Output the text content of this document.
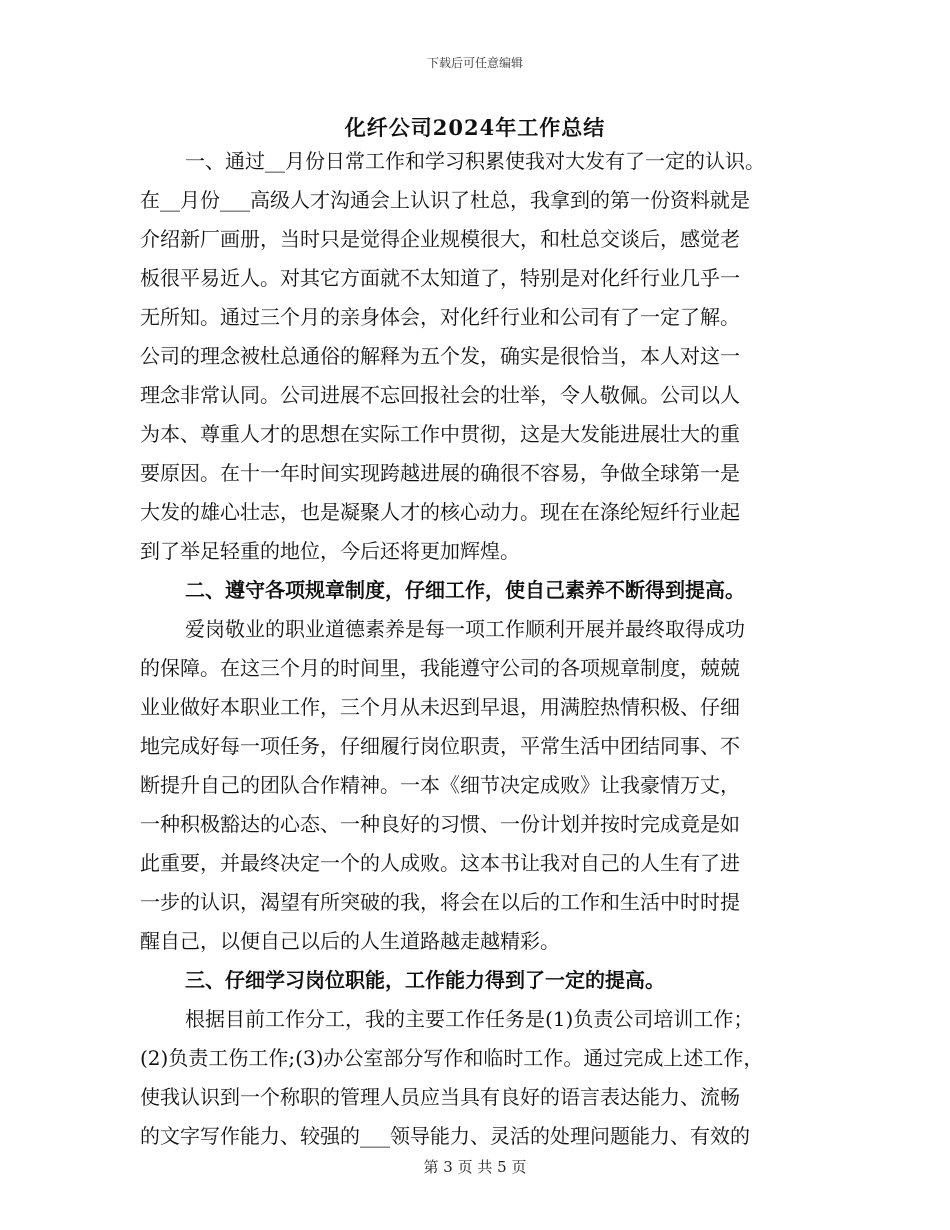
下载后可任意编辑
化纤公司2024年工作总结
一、通过__月份日常工作和学习积累使我对大发有了一定的认识。
在__月份___高级人才沟通会上认识了杜总，我拿到的第一份资料就是
介绍新厂画册，当时只是觉得企业规模很大，和杜总交谈后，感觉老
板很平易近人。对其它方面就不太知道了，特别是对化纤行业几乎一
无所知。通过三个月的亲身体会，对化纤行业和公司有了一定了解。
公司的理念被杜总通俗的解释为五个发，确实是很恰当，本人对这一
理念非常认同。公司进展不忘回报社会的壮举，令人敬佩。公司以人
为本、尊重人才的思想在实际工作中贯彻，这是大发能进展壮大的重
要原因。在十一年时间实现跨越进展的确很不容易，争做全球第一是
大发的雄心壮志，也是凝聚人才的核心动力。现在在涤纶短纤行业起
到了举足轻重的地位，今后还将更加辉煌。
二、遵守各项规章制度，仔细工作，使自己素养不断得到提高。
爱岗敬业的职业道德素养是每一项工作顺利开展并最终取得成功
的保障。在这三个月的时间里，我能遵守公司的各项规章制度，兢兢
业业做好本职业工作，三个月从未迟到早退，用满腔热情积极、仔细
地完成好每一项任务，仔细履行岗位职责，平常生活中团结同事、不
断提升自己的团队合作精神。一本《细节决定成败》让我豪情万丈，
一种积极豁达的心态、一种良好的习惯、一份计划并按时完成竟是如
此重要，并最终决定一个的人成败。这本书让我对自己的人生有了进
一步的认识，渴望有所突破的我，将会在以后的工作和生活中时时提
醒自己，以便自己以后的人生道路越走越精彩。
三、仔细学习岗位职能，工作能力得到了一定的提高。
根据目前工作分工，我的主要工作任务是(1)负责公司培训工作；
(2)负责工伤工作;(3)办公室部分写作和临时工作。通过完成上述工作，
使我认识到一个称职的管理人员应当具有良好的语言表达能力、流畅
的文字写作能力、较强的___领导能力、灵活的处理问题能力、有效的
第 3 页 共 5 页
